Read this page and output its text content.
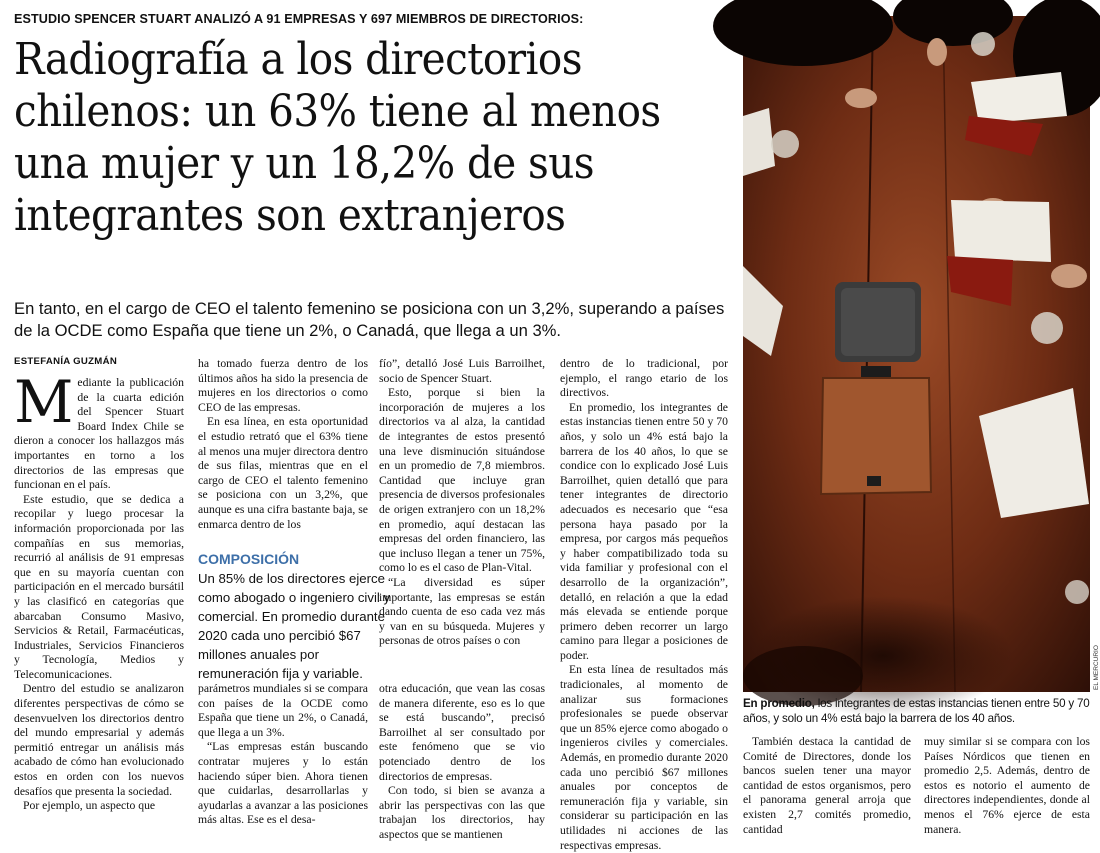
ESTUDIO SPENCER STUART ANALIZÓ A 91 EMPRESAS Y 697 MIEMBROS DE DIRECTORIOS:
Radiografía a los directorios
chilenos: un 63% tiene al menos
una mujer y un 18,2% de sus
integrantes son extranjeros
En tanto, en el cargo de CEO el talento femenino se posiciona con un 3,2%, superando a países
de la OCDE como España que tiene un 2%, o Canadá, que llega a un 3%.
ESTEFANÍA GUZMÁN

Mediante la publicación de la cuarta edición del Spencer Stuart Board Index Chile se dieron a conocer los hallazgos más importantes en torno a los directorios de las empresas que funcionan en el país.

Este estudio, que se dedica a recopilar y luego procesar la información proporcionada por las compañías en sus memorias, recurrió al análisis de 91 empresas que en su mayoría cuentan con participación en el mercado bursátil y las clasificó en categorías que abarcaban Consumo Masivo, Servicios & Retail, Farmacéuticas, Industriales, Servicios Financieros y Tecnología, Medios y Telecomunicaciones.

Dentro del estudio se analizaron diferentes perspectivas de cómo se desenvuelven los directorios dentro del mundo empresarial y además permitió entregar un análisis más acabado de cómo han evolucionado estos en orden con los nuevos desafíos que presenta la sociedad.

Por ejemplo, un aspecto que

ha tomado fuerza dentro de los últimos años ha sido la presencia de mujeres en los directorios o como CEO de las empresas.

En esa línea, en esta oportunidad el estudio retrató que el 63% tiene al menos una mujer directora dentro de sus filas, mientras que en el cargo de CEO el talento femenino se posiciona con un 3,2%, que aunque es una cifra bastante baja, se enmarca dentro de los

COMPOSICIÓN
Un 85% de los directores ejerce como abogado o ingeniero civil y comercial. En promedio durante 2020 cada uno percibió $67 millones anuales por remuneración fija y variable.

parámetros mundiales si se compara con países de la OCDE como España que tiene un 2%, o Canadá, que llega a un 3%.

“Las empresas están buscando contratar mujeres y lo están haciendo súper bien. Ahora tienen que cuidarlas, desarrollarlas y ayudarlas a avanzar a las posiciones más altas. Ese es el desa-

fío”, detalló José Luis Barroilhet, socio de Spencer Stuart.

Esto, porque si bien la incorporación de mujeres a los directorios va al alza, la cantidad de integrantes de estos presentó una leve disminución situándose en un promedio de 7,8 miembros. Cantidad que incluye gran presencia de diversos profesionales de origen extranjero con un 18,2% en promedio, aquí destacan las empresas del orden financiero, las que incluso llegan a tener un 75%, como lo es el caso de Plan-Vital.

“La diversidad es súper importante, las empresas se están dando cuenta de eso cada vez más y van en su búsqueda. Mujeres y personas de otros países o con

otra educación, que vean las cosas de manera diferente, eso es lo que se está buscando”, precisó Barroilhet al ser consultado por este fenómeno que se vio potenciado dentro de los directorios de empresas.

Con todo, si bien se avanza a abrir las perspectivas con las que trabajan los directorios, hay aspectos que se mantienen

dentro de lo tradicional, por ejemplo, el rango etario de los directivos.

En promedio, los integrantes de estas instancias tienen entre 50 y 70 años, y solo un 4% está bajo la barrera de los 40 años, lo que se condice con lo explicado José Luis Barroilhet, quien detalló que para tener integrantes de directorio adecuados es necesario que “esa persona haya pasado por la empresa, por cargos más pequeños y haber compatibilizado toda su vida familiar y profesional con el desarrollo de la organización”, detalló, en relación a que la edad más elevada se entiende porque primero deben recorrer un largo camino para llegar a posiciones de poder.

En esta línea de resultados más tradicionales, al momento de analizar sus formaciones profesionales se puede observar que un 85% ejerce como abogado o ingenieros civiles y comerciales. Además, en promedio durante 2020 cada uno percibió $67 millones anuales por conceptos de remuneración fija y variable, sin considerar su participación en las utilidades ni acciones de las respectivas empresas.

EL MERCURIO
En promedio, los integrantes de estas instancias tienen entre 50 y 70 años, y solo un 4% está bajo la barrera de los 40 años.

También destaca la cantidad de Comité de Directores, donde los bancos suelen tener una mayor cantidad de estos organismos, pero el panorama general arroja que existen 2,7 comités promedio, cantidad

muy similar si se compara con los Países Nórdicos que tienen en promedio 2,5. Además, dentro de estos es notorio el aumento de directores independientes, donde al menos el 76% ejerce de esta manera.
